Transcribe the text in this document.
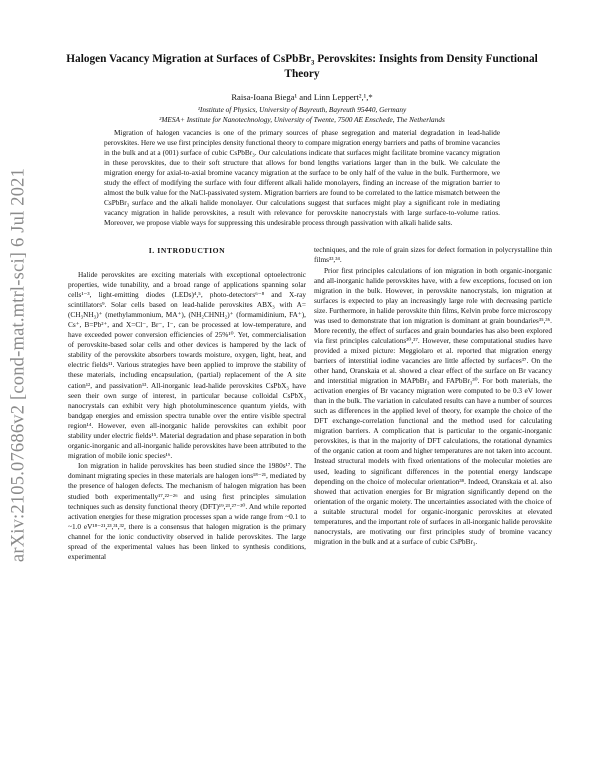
arXiv:2105.07686v2 [cond-mat.mtrl-sci] 6 Jul 2021
Halogen Vacancy Migration at Surfaces of CsPbBr₃ Perovskites: Insights from Density Functional Theory
Raisa-Ioana Biega¹ and Linn Leppert²,¹,*
¹Institute of Physics, University of Bayreuth, Bayreuth 95440, Germany
²MESA+ Institute for Nanotechnology, University of Twente, 7500 AE Enschede, The Netherlands
Migration of halogen vacancies is one of the primary sources of phase segregation and material degradation in lead-halide perovskites. Here we use first principles density functional theory to compare migration energy barriers and paths of bromine vacancies in the bulk and at a (001) surface of cubic CsPbBr₃. Our calculations indicate that surfaces might facilitate bromine vacancy migration in these perovskites, due to their soft structure that allows for bond lengths variations larger than in the bulk. We calculate the migration energy for axial-to-axial bromine vacancy migration at the surface to be only half of the value in the bulk. Furthermore, we study the effect of modifying the surface with four different alkali halide monolayers, finding an increase of the migration barrier to almost the bulk value for the NaCl-passivated system. Migration barriers are found to be correlated to the lattice mismatch between the CsPbBr₃ surface and the alkali halide monolayer. Our calculations suggest that surfaces might play a significant role in mediating vacancy migration in halide perovskites, a result with relevance for perovskite nanocrystals with large surface-to-volume ratios. Moreover, we propose viable ways for suppressing this undesirable process through passivation with alkali halide salts.
I. INTRODUCTION

Halide perovskites are exciting materials with exceptional optoelectronic properties, wide tunability, and a broad range of applications spanning solar cells¹⁻³, light-emitting diodes (LEDs)⁴,⁵, photo-detectors⁶⁻⁸ and X-ray scintillators⁹. Solar cells based on lead-halide perovskites ABX₃ with A=(CH₃NH₃)⁺ (methylammonium, MA⁺), (NH₂CHNH₂)⁺ (formamidinium, FA⁺), Cs⁺, B=Pb²⁺, and X=Cl⁻, Br⁻, I⁻, can be processed at low-temperature, and have exceeded power conversion efficiencies of 25%¹⁰. Yet, commercialisation of perovskite-based solar cells and other devices is hampered by the lack of stability of the perovskite absorbers towards moisture, oxygen, light, heat, and electric fields¹¹. Various strategies have been applied to improve the stability of these materials, including encapsulation, (partial) replacement of the A site cation¹², and passivation¹³. All-inorganic lead-halide perovskites CsPbX₃ have seen their own surge of interest, in particular because colloidal CsPbX₃ nanocrystals can exhibit very high photoluminescence quantum yields, with bandgap energies and emission spectra tunable over the entire visible spectral region¹⁴. However, even all-inorganic halide perovskites can exhibit poor stability under electric fields¹⁵. Material degradation and phase separation in both organic-inorganic and all-inorganic halide perovskites have been attributed to the migration of mobile ionic species¹⁶.

Ion migration in halide perovskites has been studied since the 1980s¹⁷. The dominant migrating species in these materials are halogen ions¹⁸⁻²¹, mediated by the presence of halogen defects. The mechanism of halogen migration has been studied both experimentally¹⁷,²²⁻²⁶ and using first principles simulation techniques such as density functional theory (DFT)¹⁹,²³,²⁷⁻³⁰. And while reported activation energies for these migration processes span a wide range from ~0.1 to ~1.0 eV¹⁸⁻²¹,²³,³¹,³², there is a consensus that halogen migration is the primary channel for the ionic conductivity observed in halide perovskites. The large spread of the experimental values has been linked to synthesis conditions, experimental

techniques, and the role of grain sizes for defect formation in polycrystalline thin films³³,³⁴.

Prior first principles calculations of ion migration in both organic-inorganic and all-inorganic halide perovskites have, with a few exceptions, focused on ion migration in the bulk. However, in perovskite nanocrystals, ion migration at surfaces is expected to play an increasingly large role with decreasing particle size. Furthermore, in halide perovskite thin films, Kelvin probe force microscopy was used to demonstrate that ion migration is dominant at grain boundaries³⁵,³⁶. More recently, the effect of surfaces and grain boundaries has also been explored via first principles calculations³⁰,³⁷. However, these computational studies have provided a mixed picture: Meggiolaro et al. reported that migration energy barriers of interstitial iodine vacancies are little affected by surfaces³⁷. On the other hand, Oranskaia et al. showed a clear effect of the surface on Br vacancy and interstitial migration in MAPbBr₃ and FAPbBr₃³⁰. For both materials, the activation energies of Br vacancy migration were computed to be 0.3 eV lower than in the bulk. The variation in calculated results can have a number of sources such as differences in the applied level of theory, for example the choice of the DFT exchange-correlation functional and the method used for calculating migration barriers. A complication that is particular to the organic-inorganic perovskites, is that in the majority of DFT calculations, the rotational dynamics of the organic cation at room and higher temperatures are not taken into account. Instead structural models with fixed orientations of the molecular moieties are used, leading to significant differences in the potential energy landscape depending on the choice of molecular orientation³⁸. Indeed, Oranskaia et al. also showed that activation energies for Br migration significantly depend on the orientation of the organic moiety. The uncertainties associated with the choice of a suitable structural model for organic-inorganic perovskites at elevated temperatures, and the important role of surfaces in all-inorganic halide perovskite nanocrystals, are motivating our first principles study of bromine vacancy migration in the bulk and at a surface of cubic CsPbBr₃.
